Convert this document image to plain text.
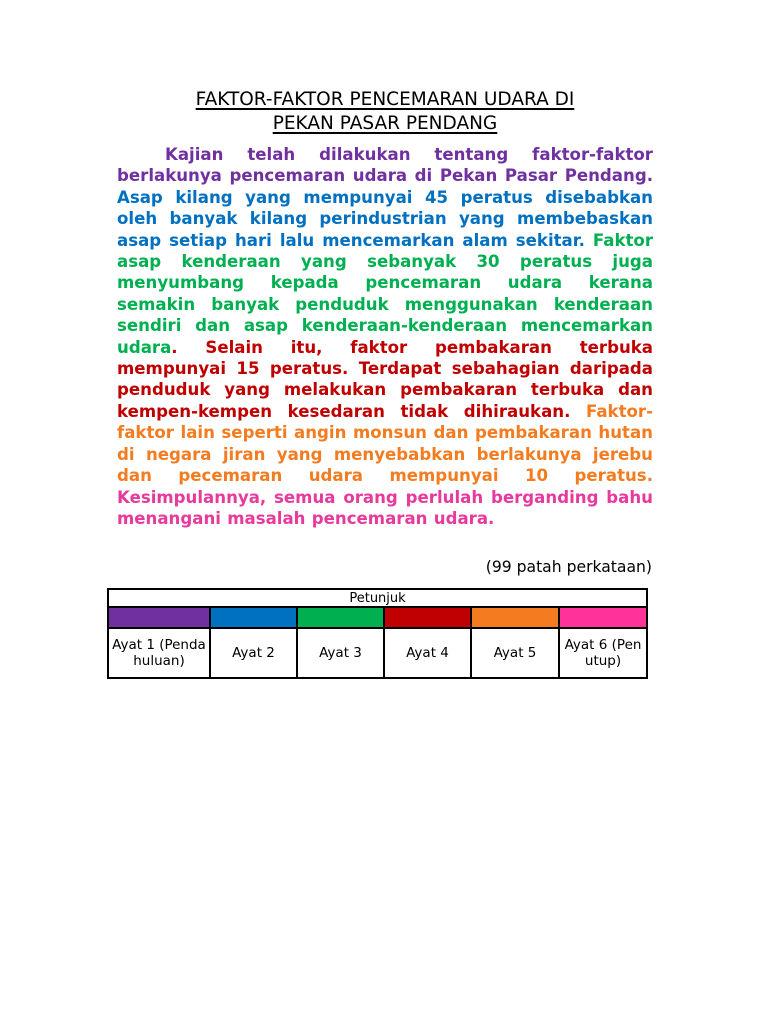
FAKTOR-FAKTOR PENCEMARAN UDARA DI
PEKAN PASAR PENDANG

Kajian telah dilakukan tentang faktor-faktor berlakunya pencemaran udara di Pekan Pasar Pendang. Asap kilang yang mempunyai 45 peratus disebabkan oleh banyak kilang perindustrian yang membebaskan asap setiap hari lalu mencemarkan alam sekitar. Faktor asap kenderaan yang sebanyak 30 peratus juga menyumbang kepada pencemaran udara kerana semakin banyak penduduk menggunakan kenderaan sendiri dan asap kenderaan-kenderaan mencemarkan udara. Selain itu, faktor pembakaran terbuka mempunyai 15 peratus. Terdapat sebahagian daripada penduduk yang melakukan pembakaran terbuka dan kempen-kempen kesedaran tidak dihiraukan. Faktor-faktor lain seperti angin monsun dan pembakaran hutan di negara jiran yang menyebabkan berlakunya jerebu dan pecemaran udara mempunyai 10 peratus. Kesimpulannya, semua orang perlulah berganding bahu menangani masalah pencemaran udara.

(99 patah perkataan)

Petunjuk					

Ayat 1 (Pendahuluan)	Ayat 2	Ayat 3	Ayat 4	Ayat 5	Ayat 6 (Penutup)
